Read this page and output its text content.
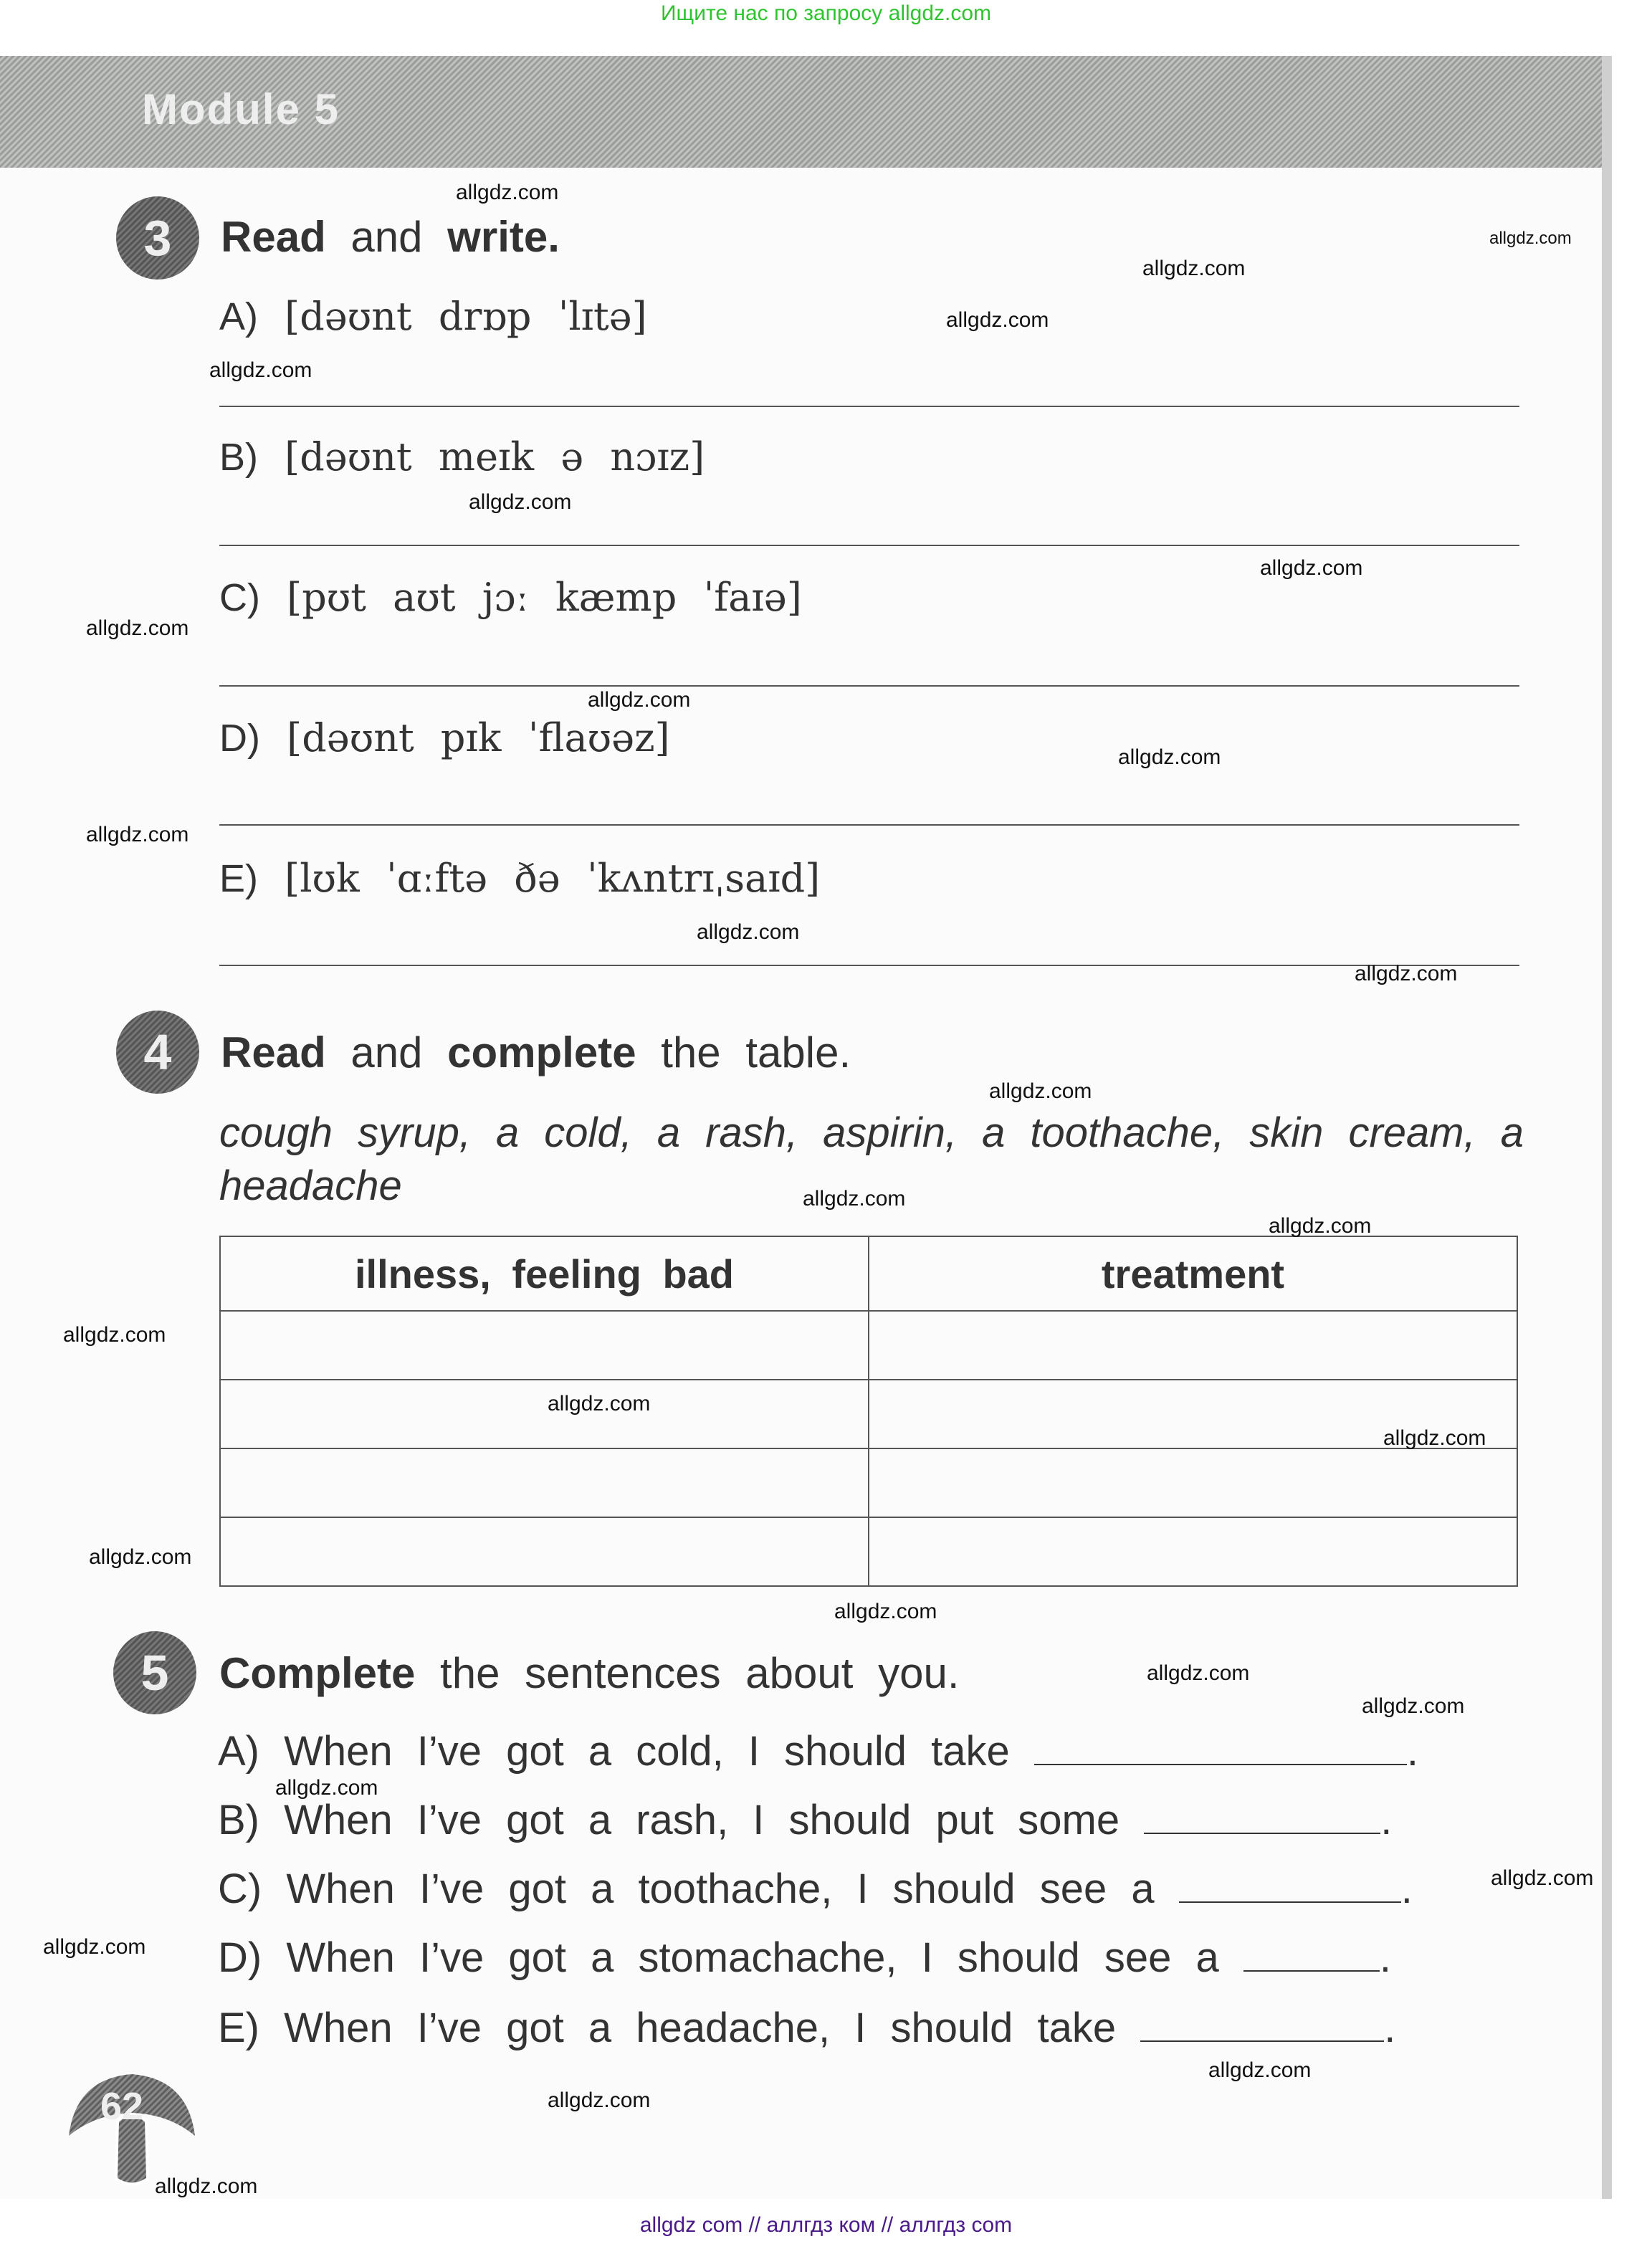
Ищите нас по запросу allgdz.com
Module 5
3	Read and write.
A) [dəʊnt drɒp ˈlɪtə]
B) [dəʊnt meɪk ə nɔɪz]
C) [pʊt aʊt jɔː kæmp ˈfaɪə]
D) [dəʊnt pɪk ˈflaʊəz]
E) [lʊk ˈɑːftə ðə ˈkʌntrɪˌsaɪd]
4	Read and complete the table.
cough syrup, a cold, a rash, aspirin, a toothache, skin cream, a headache
illness, feeling bad	treatment

5	Complete the sentences about you.
A) When I’ve got a cold, I should take	.
B) When I’ve got a rash, I should put some	.
C) When I’ve got a toothache, I should see a	.
D) When I’ve got a stomachache, I should see a	.
E) When I’ve got a headache, I should take	.
62
allgdz.com
allgdz.com
allgdz.com
allgdz.com
allgdz.com
allgdz.com
allgdz.com
allgdz.com
allgdz.com
allgdz.com
allgdz.com
allgdz.com
allgdz.com
allgdz.com
allgdz.com
allgdz.com
allgdz.com
allgdz.com
allgdz.com
allgdz.com
allgdz.com
allgdz.com
allgdz.com
allgdz.com
allgdz.com
allgdz.com
allgdz.com
allgdz.com
allgdz.com
allgdz com // аллгдз ком // аллгдз com
